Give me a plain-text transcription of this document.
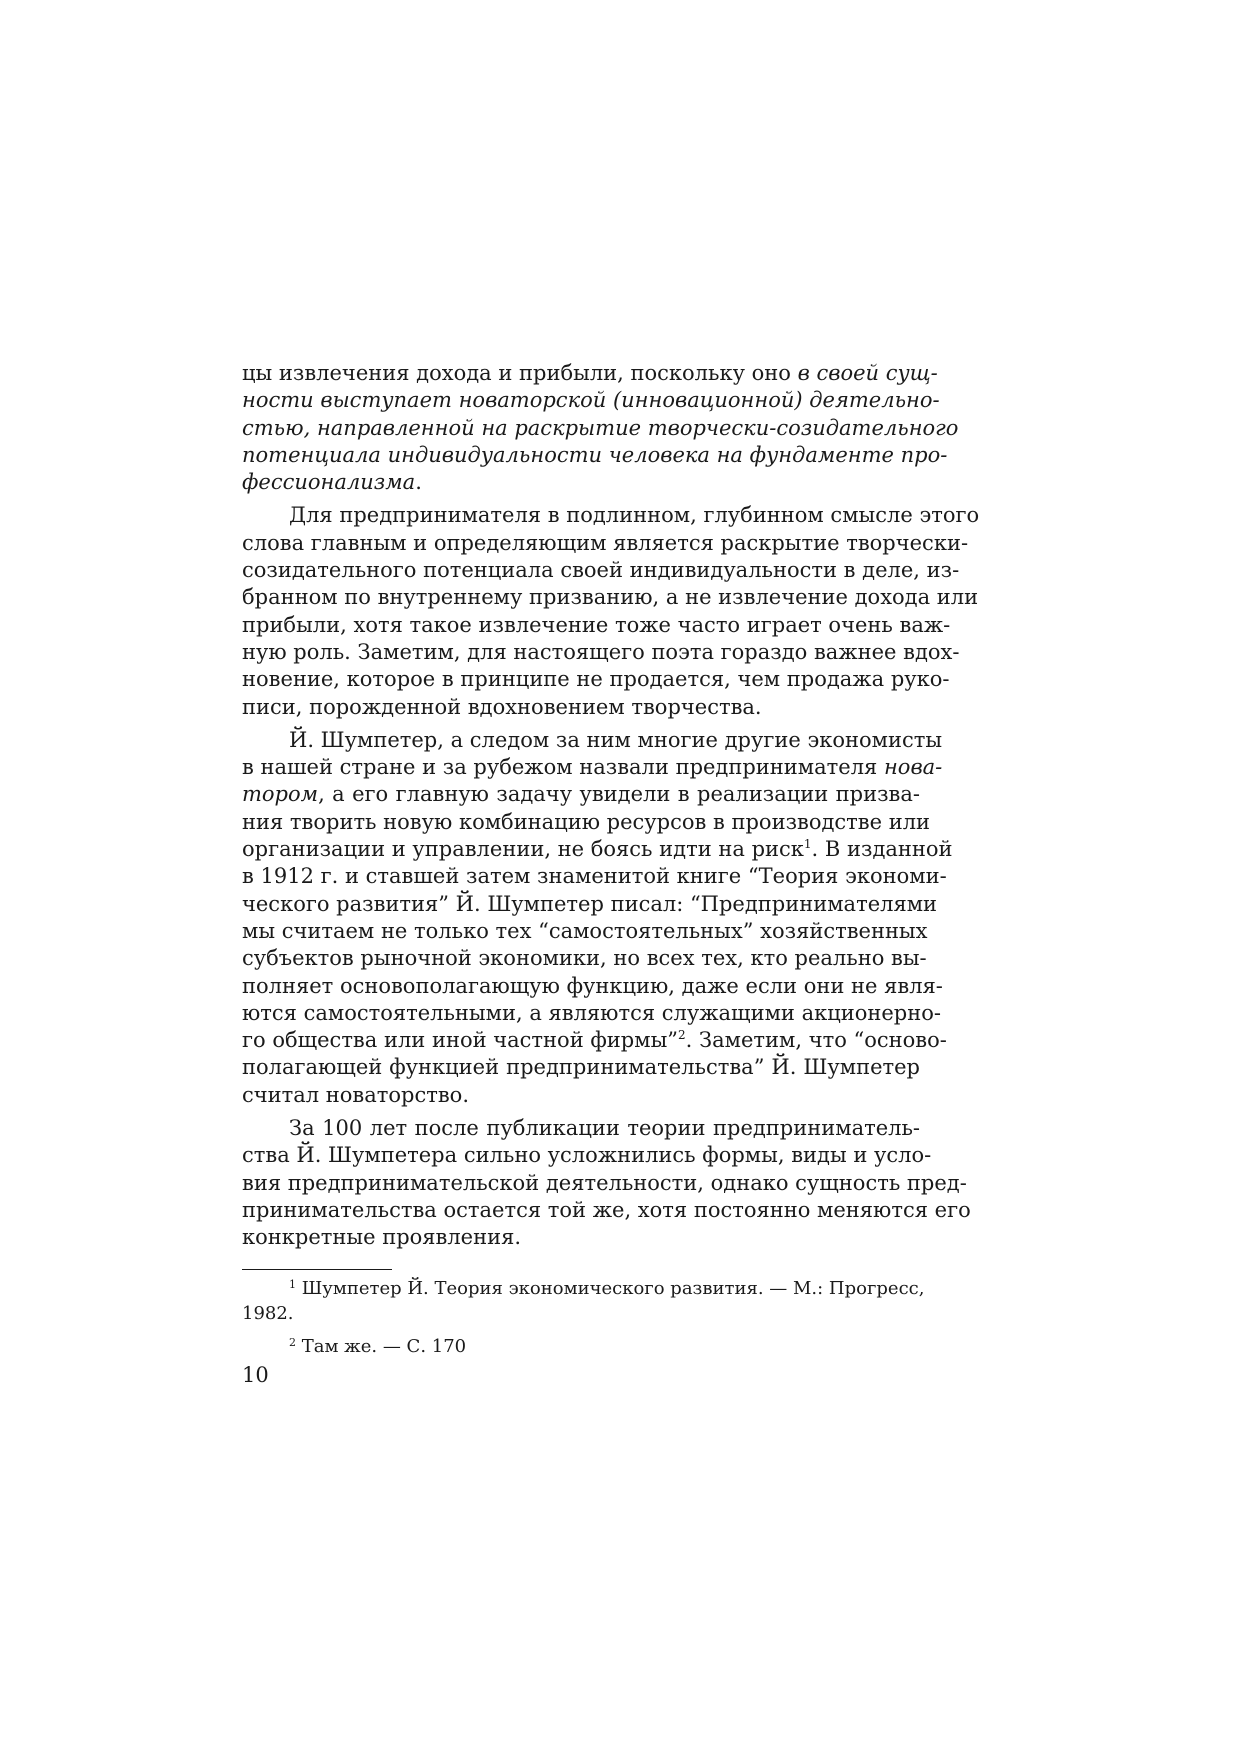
цы извлечения дохода и прибыли, поскольку оно в своей сущ-
ности выступает новаторской (инновационной) деятельно-
стью, направленной на раскрытие творчески-созидательного
потенциала индивидуальности человека на фундаменте про-
фессионализма.
Для предпринимателя в подлинном, глубинном смысле этого
слова главным и определяющим является раскрытие творчески-
созидательного потенциала своей индивидуальности в деле, из-
бранном по внутреннему призванию, а не извлечение дохода или
прибыли, хотя такое извлечение тоже часто играет очень важ-
ную роль. Заметим, для настоящего поэта гораздо важнее вдох-
новение, которое в принципе не продается, чем продажа руко-
писи, порожденной вдохновением творчества.
Й. Шумпетер, а следом за ним многие другие экономисты
в нашей стране и за рубежом назвали предпринимателя нова-
тором, а его главную задачу увидели в реализации призва-
ния творить новую комбинацию ресурсов в производстве или
организации и управлении, не боясь идти на риск$^1$. В изданной
в 1912 г. и ставшей затем знаменитой книге “Теория экономи-
ческого развития” Й. Шумпетер писал: “Предпринимателями
мы считаем не только тех “самостоятельных” хозяйственных
субъектов рыночной экономики, но всех тех, кто реально вы-
полняет основополагающую функцию, даже если они не явля-
ются самостоятельными, а являются служащими акционерно-
го общества или иной частной фирмы”$^2$. Заметим, что “осново-
полагающей функцией предпринимательства” Й. Шумпетер
считал новаторство.
За 100 лет после публикации теории предприниматель-
ства Й. Шумпетера сильно усложнились формы, виды и усло-
вия предпринимательской деятельности, однако сущность пред-
принимательства остается той же, хотя постоянно меняются его
конкретные проявления.
$^1$ Шумпетер Й. Теория экономического развития. — М.: Прогресс,
1982.
$^2$ Там же. — С. 170
10
